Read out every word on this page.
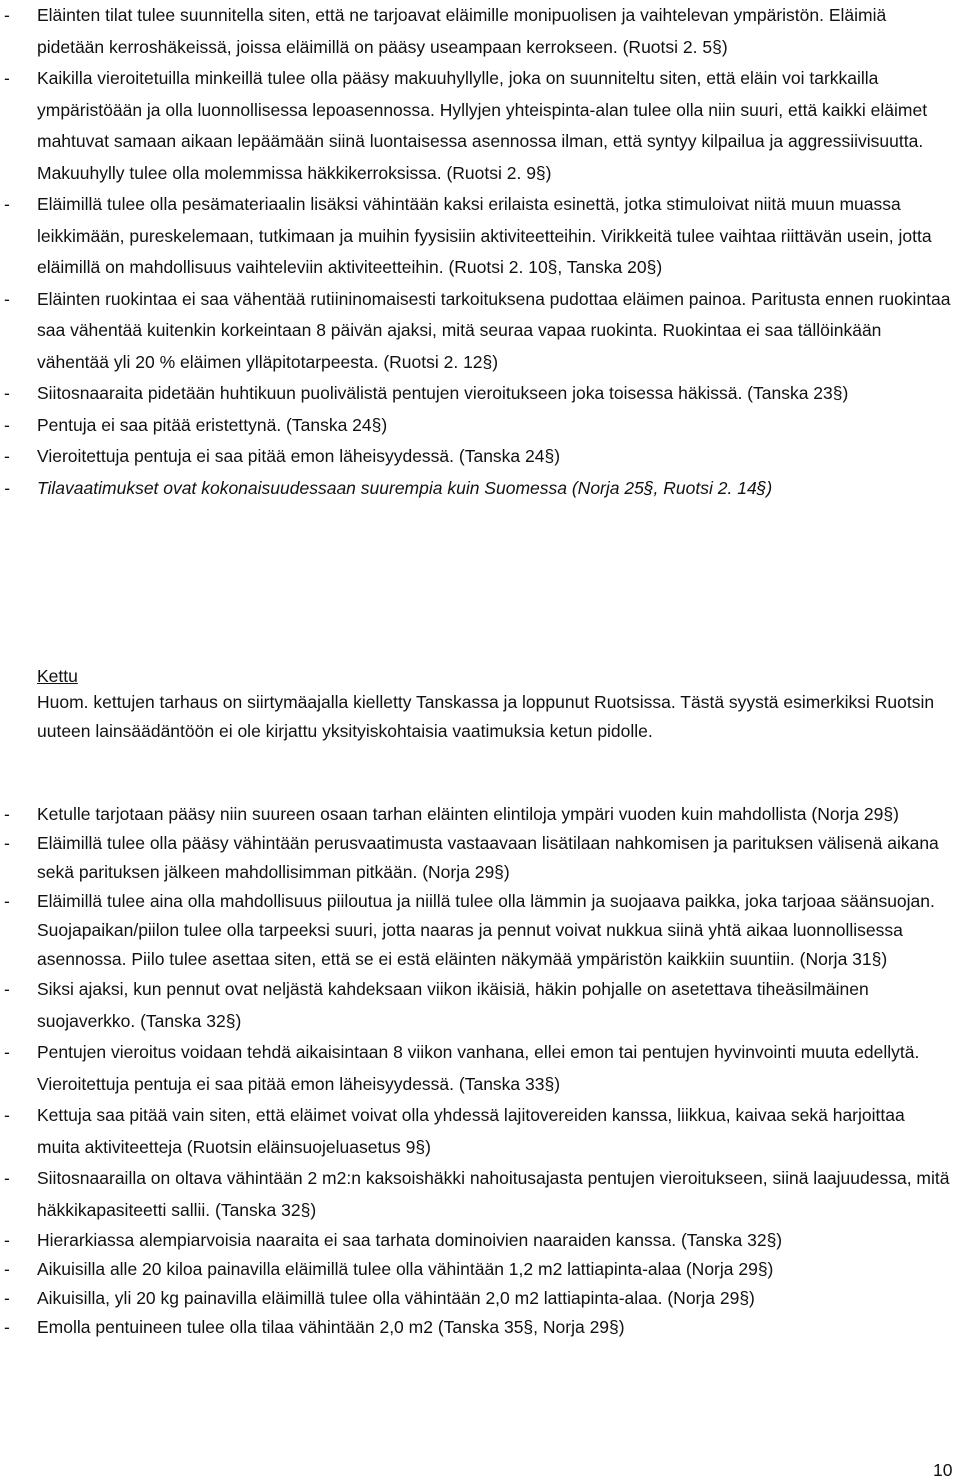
- Eläinten tilat tulee suunnitella siten, että ne tarjoavat eläimille monipuolisen ja vaihtelevan ympäristön. Eläimiä pidetään kerroshäkeissä, joissa eläimillä on pääsy useampaan kerrokseen. (Ruotsi 2. 5§)
- Kaikilla vieroitetuilla minkeillä tulee olla pääsy makuuhyllylle, joka on suunniteltu siten, että eläin voi tarkkailla ympäristöään ja olla luonnollisessa lepoasennossa. Hyllyjen yhteispinta-alan tulee olla niin suuri, että kaikki eläimet mahtuvat samaan aikaan lepäämään siinä luontaisessa asennossa ilman, että syntyy kilpailua ja aggressiivisuutta. Makuuhylly tulee olla molemmissa häkkikerroksissa. (Ruotsi 2. 9§)
- Eläimillä tulee olla pesämateriaalin lisäksi vähintään kaksi erilaista esinettä, jotka stimuloivat niitä muun muassa leikkimään, pureskelemaan, tutkimaan ja muihin fyysisiin aktiviteetteihin. Virikkeitä tulee vaihtaa riittävän usein, jotta eläimillä on mahdollisuus vaihteleviin aktiviteetteihin. (Ruotsi 2. 10§, Tanska 20§)
- Eläinten ruokintaa ei saa vähentää rutiininomaisesti tarkoituksena pudottaa eläimen painoa. Paritusta ennen ruokintaa saa vähentää kuitenkin korkeintaan 8 päivän ajaksi, mitä seuraa vapaa ruokinta. Ruokintaa ei saa tällöinkään vähentää yli 20 % eläimen ylläpitotarpeesta. (Ruotsi 2. 12§)
- Siitosnaaraita pidetään huhtikuun puolivälistä pentujen vieroitukseen joka toisessa häkissä. (Tanska 23§)
- Pentuja ei saa pitää eristettynä. (Tanska 24§)
- Vieroitettuja pentuja ei saa pitää emon läheisyydessä. (Tanska 24§)
- Tilavaatimukset ovat kokonaisuudessaan suurempia kuin Suomessa (Norja 25§, Ruotsi 2. 14§)
Kettu
Huom. kettujen tarhaus on siirtymäajalla kielletty Tanskassa ja loppunut Ruotsissa. Tästä syystä esimerkiksi Ruotsin uuteen lainsäädäntöön ei ole kirjattu yksityiskohtaisia vaatimuksia ketun pidolle.
- Ketulle tarjotaan pääsy niin suureen osaan tarhan eläinten elintiloja ympäri vuoden kuin mahdollista (Norja 29§)
- Eläimillä tulee olla pääsy vähintään perusvaatimusta vastaavaan lisätilaan nahkomisen ja parituksen välisenä aikana sekä parituksen jälkeen mahdollisimman pitkään. (Norja 29§)
- Eläimillä tulee aina olla mahdollisuus piiloutua ja niillä tulee olla lämmin ja suojaava paikka, joka tarjoaa säänsuojan. Suojapaikan/piilon tulee olla tarpeeksi suuri, jotta naaras ja pennut voivat nukkua siinä yhtä aikaa luonnollisessa asennossa. Piilo tulee asettaa siten, että se ei estä eläinten näkymää ympäristön kaikkiin suuntiin. (Norja 31§)
- Siksi ajaksi, kun pennut ovat neljästä kahdeksaan viikon ikäisiä, häkin pohjalle on asetettava tiheäsilmäinen suojaverkko. (Tanska 32§)
- Pentujen vieroitus voidaan tehdä aikaisintaan 8 viikon vanhana, ellei emon tai pentujen hyvinvointi muuta edellytä. Vieroitettuja pentuja ei saa pitää emon läheisyydessä. (Tanska 33§)
- Kettuja saa pitää vain siten, että eläimet voivat olla yhdessä lajitovereiden kanssa, liikkua, kaivaa sekä harjoittaa muita aktiviteetteja (Ruotsin eläinsuojeluasetus 9§)
- Siitosnaarailla on oltava vähintään 2 m2:n kaksoishäkki nahoitusajasta pentujen vieroitukseen, siinä laajuudessa, mitä häkkikapasiteetti sallii. (Tanska 32§)
- Hierarkiassa alempiarvoisia naaraita ei saa tarhata dominoivien naaraiden kanssa. (Tanska 32§)
- Aikuisilla alle 20 kiloa painavilla eläimillä tulee olla vähintään 1,2 m2 lattiapinta-alaa (Norja 29§)
- Aikuisilla, yli 20 kg painavilla eläimillä tulee olla vähintään 2,0 m2 lattiapinta-alaa. (Norja 29§)
- Emolla pentuineen tulee olla tilaa vähintään 2,0 m2 (Tanska 35§, Norja 29§)
10
